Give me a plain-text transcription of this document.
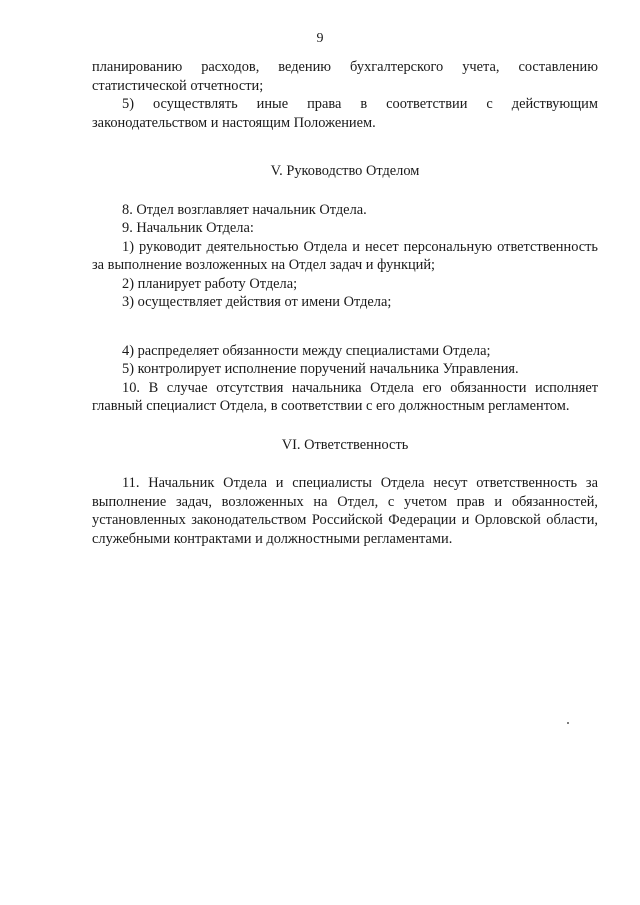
9

планированию расходов, ведению бухгалтерского учета, составлению статистической отчетности;

5) осуществлять иные права в соответствии с действующим законодательством и настоящим Положением.

V. Руководство Отделом

8. Отдел возглавляет начальник Отдела.

9. Начальник Отдела:

1) руководит деятельностью Отдела и несет персональную ответственность за выполнение возложенных на Отдел задач и функций;

2) планирует работу Отдела;

3) осуществляет действия от имени Отдела;

4) распределяет обязанности между специалистами Отдела;

5) контролирует исполнение поручений начальника Управления.

10. В случае отсутствия начальника Отдела его обязанности исполняет главный специалист Отдела, в соответствии с его должностным регламентом.

VI. Ответственность

11. Начальник Отдела и специалисты Отдела несут ответственность за выполнение задач, возложенных на Отдел, с учетом прав и обязанностей, установленных законодательством Российской Федерации и Орловской области, служебными контрактами и должностными регламентами.
